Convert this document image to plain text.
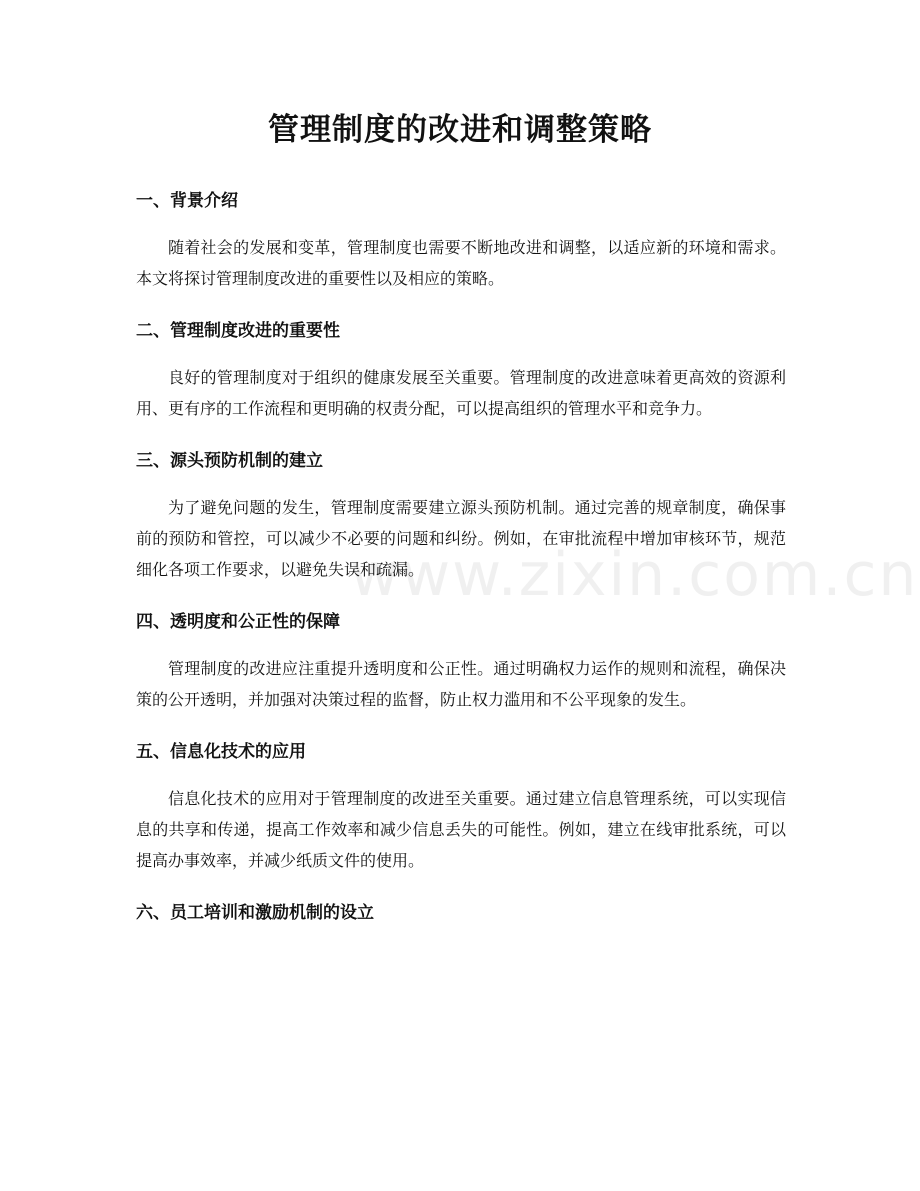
www.zixin.com.cn
管理制度的改进和调整策略
一、背景介绍

随着社会的发展和变革，管理制度也需要不断地改进和调整，以适应新的环境和需求。本文将探讨管理制度改进的重要性以及相应的策略。

二、管理制度改进的重要性

良好的管理制度对于组织的健康发展至关重要。管理制度的改进意味着更高效的资源利用、更有序的工作流程和更明确的权责分配，可以提高组织的管理水平和竞争力。

三、源头预防机制的建立

为了避免问题的发生，管理制度需要建立源头预防机制。通过完善的规章制度，确保事前的预防和管控，可以减少不必要的问题和纠纷。例如，在审批流程中增加审核环节，规范细化各项工作要求，以避免失误和疏漏。

四、透明度和公正性的保障

管理制度的改进应注重提升透明度和公正性。通过明确权力运作的规则和流程，确保决策的公开透明，并加强对决策过程的监督，防止权力滥用和不公平现象的发生。

五、信息化技术的应用

信息化技术的应用对于管理制度的改进至关重要。通过建立信息管理系统，可以实现信息的共享和传递，提高工作效率和减少信息丢失的可能性。例如，建立在线审批系统，可以提高办事效率，并减少纸质文件的使用。

六、员工培训和激励机制的设立
